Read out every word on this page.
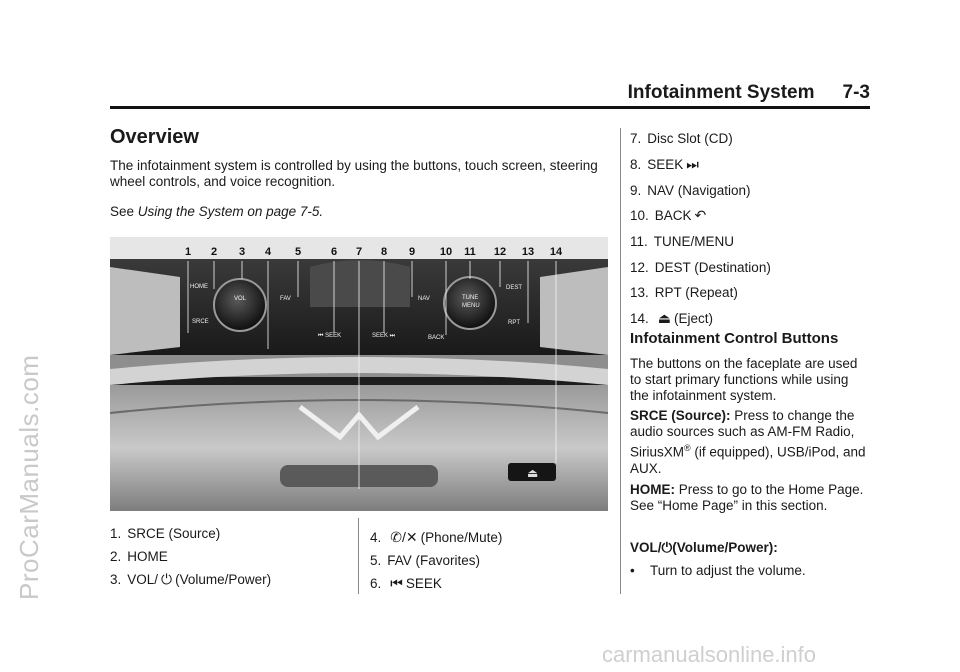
ProCarManuals.com
carmanualsonline.info
Infotainment System 7-3
Overview

The infotainment system is controlled by using the buttons, touch screen, steering wheel controls, and voice recognition.

See Using the System on page 7-5.

⏏
HOME
SRCE
VOL	FAV
⏮ SEEK	SEEK ⏭
NAV	TUNE
MENU
BACK
DEST
RPT
1 2 3 4 5	6 7 8 9 10 11 12 13 14
1. SRCE (Source)
2. HOME
3. VOL/ ⏻ (Volume/Power)
4. ✆/✕ (Phone/Mute)
5. FAV (Favorites)
6. ⏮ SEEK
7. Disc Slot (CD)
8. SEEK ⏭
9. NAV (Navigation)
10. BACK ↶
11. TUNE/MENU
12. DEST (Destination)
13. RPT (Repeat)
14. ⏏ (Eject)
Infotainment Control Buttons

The buttons on the faceplate are used to start primary functions while using the infotainment system.

SRCE (Source): Press to change the audio sources such as AM-FM Radio, SiriusXM® (if equipped), USB/iPod, and AUX.

HOME: Press to go to the Home Page. See “Home Page” in this section.

VOL/⏻(Volume/Power):

• Turn to adjust the volume.
